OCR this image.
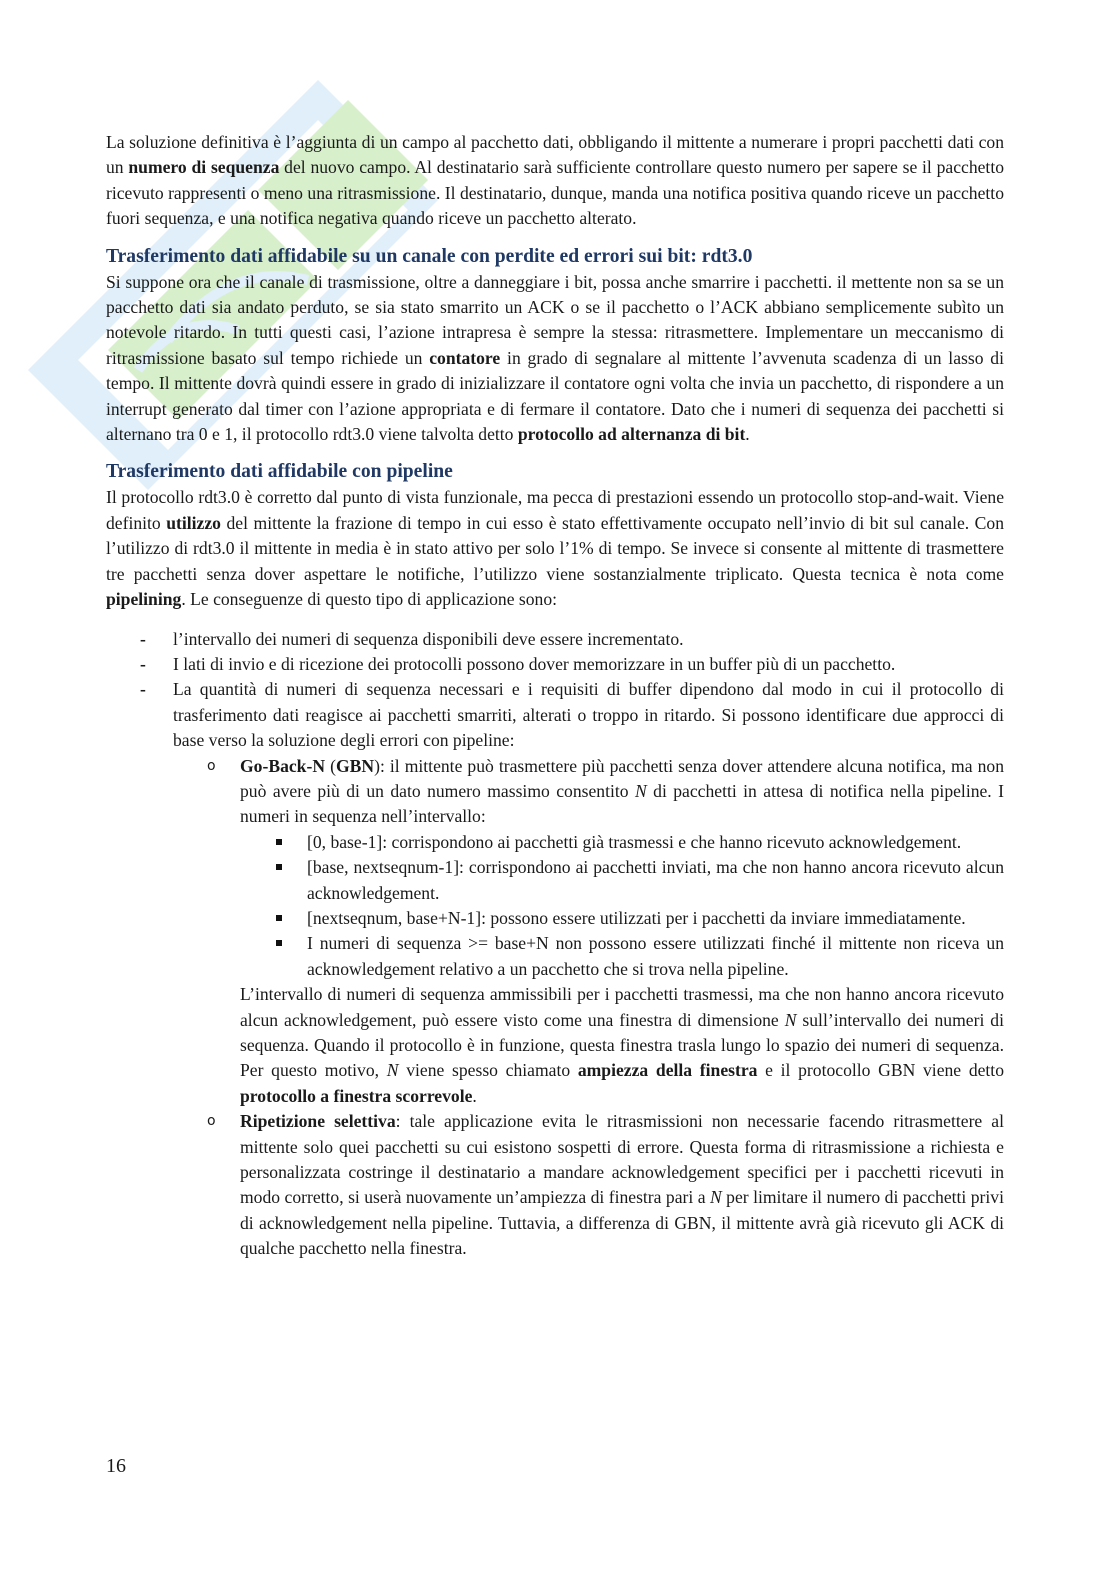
La soluzione definitiva è l’aggiunta di un campo al pacchetto dati, obbligando il mittente a numerare i propri pacchetti dati con un numero di sequenza del nuovo campo. Al destinatario sarà sufficiente controllare questo numero per sapere se il pacchetto ricevuto rappresenti o meno una ritrasmissione. Il destinatario, dunque, manda una notifica positiva quando riceve un pacchetto fuori sequenza, e una notifica negativa quando riceve un pacchetto alterato.

Trasferimento dati affidabile su un canale con perdite ed errori sui bit: rdt3.0

Si suppone ora che il canale di trasmissione, oltre a danneggiare i bit, possa anche smarrire i pacchetti. il mettente non sa se un pacchetto dati sia andato perduto, se sia stato smarrito un ACK o se il pacchetto o l’ACK abbiano semplicemente subìto un notevole ritardo. In tutti questi casi, l’azione intrapresa è sempre la stessa: ritrasmettere. Implementare un meccanismo di ritrasmissione basato sul tempo richiede un contatore in grado di segnalare al mittente l’avvenuta scadenza di un lasso di tempo. Il mittente dovrà quindi essere in grado di inizializzare il contatore ogni volta che invia un pacchetto, di rispondere a un interrupt generato dal timer con l’azione appropriata e di fermare il contatore. Dato che i numeri di sequenza dei pacchetti si alternano tra 0 e 1, il protocollo rdt3.0 viene talvolta detto protocollo ad alternanza di bit.

Trasferimento dati affidabile con pipeline

Il protocollo rdt3.0 è corretto dal punto di vista funzionale, ma pecca di prestazioni essendo un protocollo stop-and-wait. Viene definito utilizzo del mittente la frazione di tempo in cui esso è stato effettivamente occupato nell’invio di bit sul canale. Con l’utilizzo di rdt3.0 il mittente in media è in stato attivo per solo l’1% di tempo. Se invece si consente al mittente di trasmettere tre pacchetti senza dover aspettare le notifiche, l’utilizzo viene sostanzialmente triplicato. Questa tecnica è nota come pipelining. Le conseguenze di questo tipo di applicazione sono:

- l’intervallo dei numeri di sequenza disponibili deve essere incrementato.
- I lati di invio e di ricezione dei protocolli possono dover memorizzare in un buffer più di un pacchetto.
- La quantità di numeri di sequenza necessari e i requisiti di buffer dipendono dal modo in cui il protocollo di trasferimento dati reagisce ai pacchetti smarriti, alterati o troppo in ritardo. Si possono identificare due approcci di base verso la soluzione degli errori con pipeline:
o Go-Back-N (GBN): il mittente può trasmettere più pacchetti senza dover attendere alcuna notifica, ma non può avere più di un dato numero massimo consentito N di pacchetti in attesa di notifica nella pipeline. I numeri in sequenza nell’intervallo:
[0, base-1]: corrispondono ai pacchetti già trasmessi e che hanno ricevuto acknowledgement.
[base, nextseqnum-1]: corrispondono ai pacchetti inviati, ma che non hanno ancora ricevuto alcun acknowledgement.
[nextseqnum, base+N-1]: possono essere utilizzati per i pacchetti da inviare immediatamente.
I numeri di sequenza >= base+N non possono essere utilizzati finché il mittente non riceva un acknowledgement relativo a un pacchetto che si trova nella pipeline.

L’intervallo di numeri di sequenza ammissibili per i pacchetti trasmessi, ma che non hanno ancora ricevuto alcun acknowledgement, può essere visto come una finestra di dimensione N sull’intervallo dei numeri di sequenza. Quando il protocollo è in funzione, questa finestra trasla lungo lo spazio dei numeri di sequenza. Per questo motivo, N viene spesso chiamato ampiezza della finestra e il protocollo GBN viene detto protocollo a finestra scorrevole.

o Ripetizione selettiva: tale applicazione evita le ritrasmissioni non necessarie facendo ritrasmettere al mittente solo quei pacchetti su cui esistono sospetti di errore. Questa forma di ritrasmissione a richiesta e personalizzata costringe il destinatario a mandare acknowledgement specifici per i pacchetti ricevuti in modo corretto, si userà nuovamente un’ampiezza di finestra pari a N per limitare il numero di pacchetti privi di acknowledgement nella pipeline. Tuttavia, a differenza di GBN, il mittente avrà già ricevuto gli ACK di qualche pacchetto nella finestra.
16
